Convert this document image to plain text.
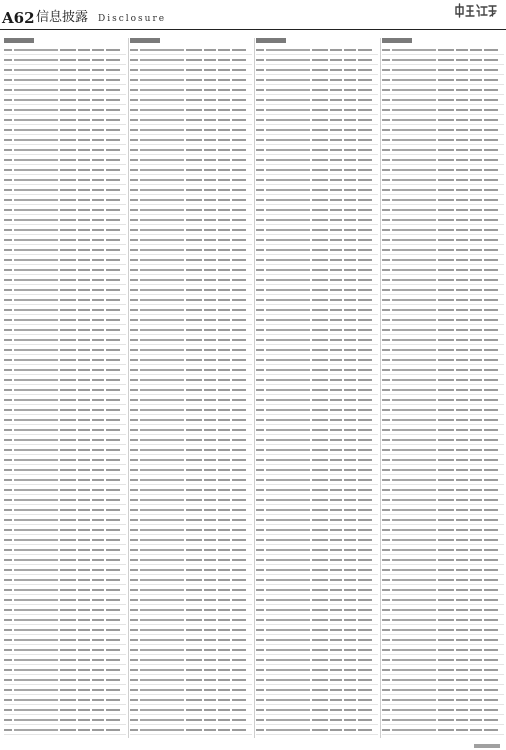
A62 信息披露 Disclosure
